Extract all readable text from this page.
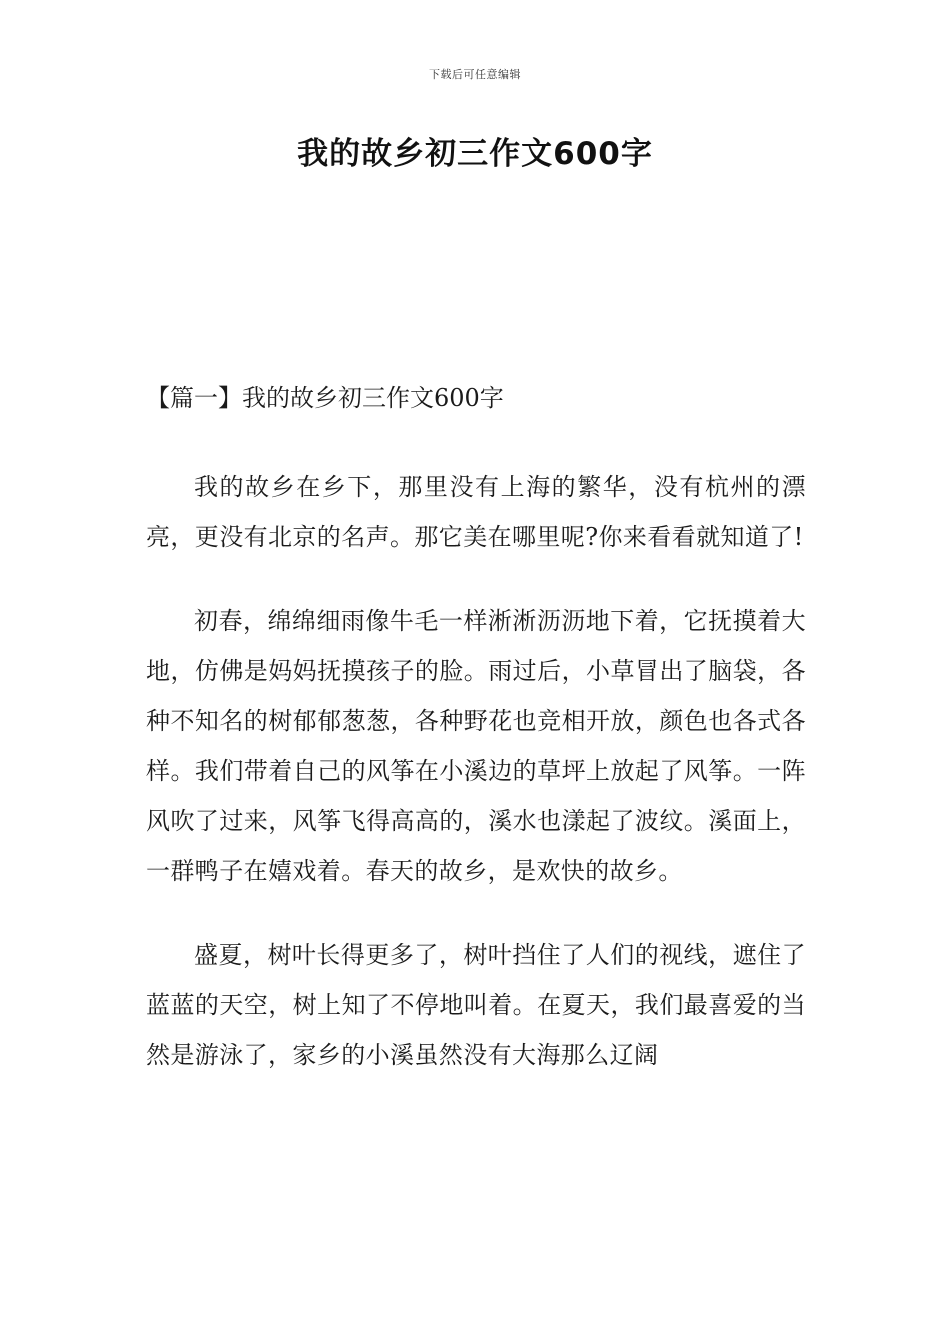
下载后可任意编辑
我的故乡初三作文600字
【篇一】我的故乡初三作文600字

我的故乡在乡下，那里没有上海的繁华，没有杭州的漂亮，更没有北京的名声。那它美在哪里呢?你来看看就知道了!

初春，绵绵细雨像牛毛一样淅淅沥沥地下着，它抚摸着大地，仿佛是妈妈抚摸孩子的脸。雨过后，小草冒出了脑袋，各种不知名的树郁郁葱葱，各种野花也竞相开放，颜色也各式各样。我们带着自己的风筝在小溪边的草坪上放起了风筝。一阵风吹了过来，风筝飞得高高的，溪水也漾起了波纹。溪面上，一群鸭子在嬉戏着。春天的故乡，是欢快的故乡。

盛夏，树叶长得更多了，树叶挡住了人们的视线，遮住了蓝蓝的天空，树上知了不停地叫着。在夏天，我们最喜爱的当然是游泳了，家乡的小溪虽然没有大海那么辽阔
